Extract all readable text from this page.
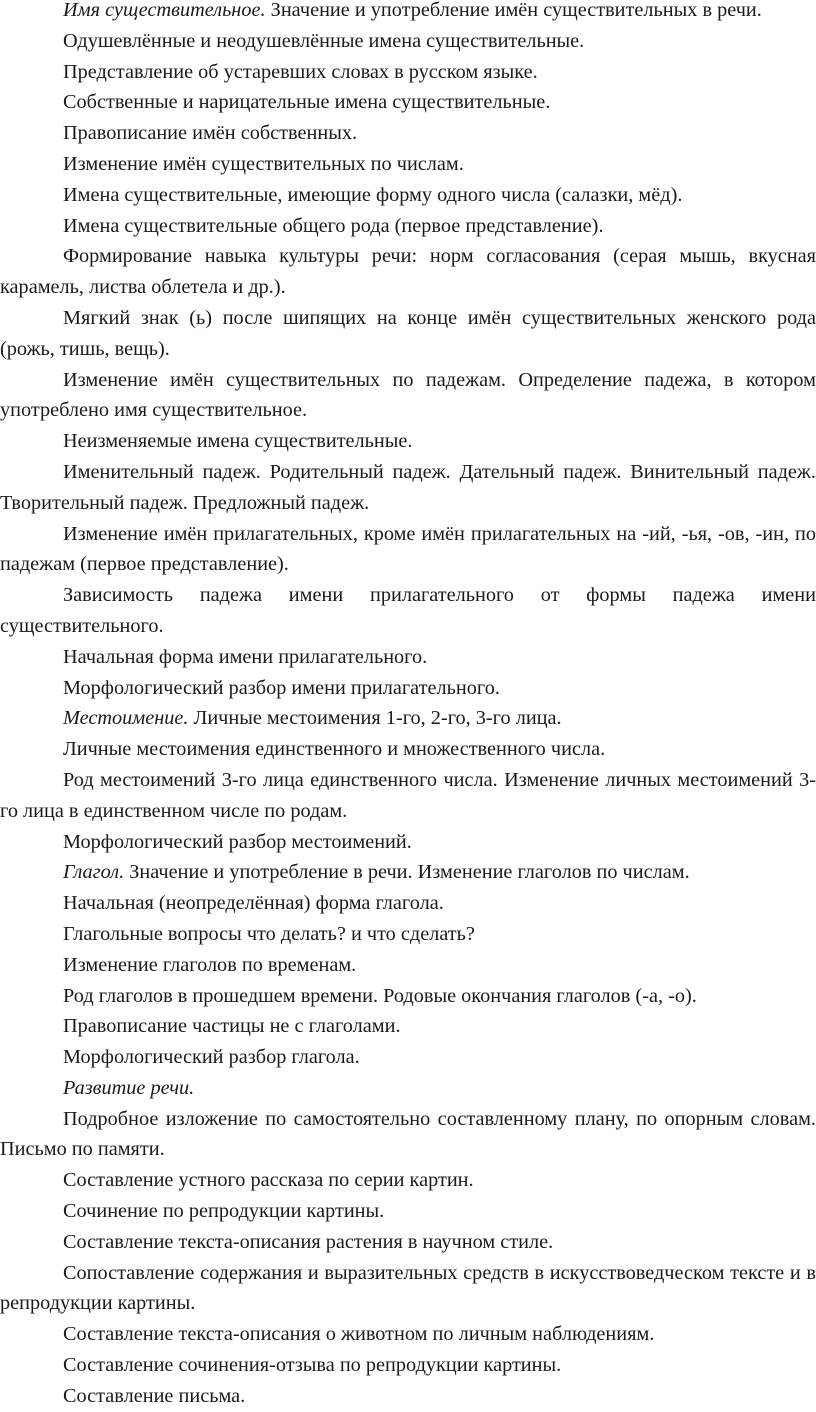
Имя существительное. Значение и употребление имён существительных в речи.

Одушевлённые и неодушевлённые имена существительные.

Представление об устаревших словах в русском языке.

Собственные и нарицательные имена существительные.

Правописание имён собственных.

Изменение имён существительных по числам.

Имена существительные, имеющие форму одного числа (салазки, мёд).

Имена существительные общего рода (первое представление).

Формирование навыка культуры речи: норм согласования (серая мышь, вкусная карамель, листва облетела и др.).

Мягкий знак (ь) после шипящих на конце имён существительных женского рода (рожь, тишь, вещь).

Изменение имён существительных по падежам. Определение падежа, в котором употреблено имя существительное.

Неизменяемые имена существительные.

Именительный падеж. Родительный падеж. Дательный падеж. Винительный падеж. Творительный падеж. Предложный падеж.

Изменение имён прилагательных, кроме имён прилагательных на -ий, -ья, -ов, -ин, по падежам (первое представление).

Зависимость падежа имени прилагательного от формы падежа имени существительного.

Начальная форма имени прилагательного.

Морфологический разбор имени прилагательного.

Местоимение. Личные местоимения 1-го, 2-го, 3-го лица.

Личные местоимения единственного и множественного числа.

Род местоимений 3-го лица единственного числа. Изменение личных местоимений 3-го лица в единственном числе по родам.

Морфологический разбор местоимений.

Глагол. Значение и употребление в речи. Изменение глаголов по числам.

Начальная (неопределённая) форма глагола.

Глагольные вопросы что делать? и что сделать?

Изменение глаголов по временам.

Род глаголов в прошедшем времени. Родовые окончания глаголов (-а, -о).

Правописание частицы не с глаголами.

Морфологический разбор глагола.

Развитие речи.

Подробное изложение по самостоятельно составленному плану, по опорным словам. Письмо по памяти.

Составление устного рассказа по серии картин.

Сочинение по репродукции картины.

Составление текста-описания растения в научном стиле.

Сопоставление содержания и выразительных средств в искусствоведческом тексте и в репродукции картины.

Составление текста-описания о животном по личным наблюдениям.

Составление сочинения-отзыва по репродукции картины.

Составление письма.
